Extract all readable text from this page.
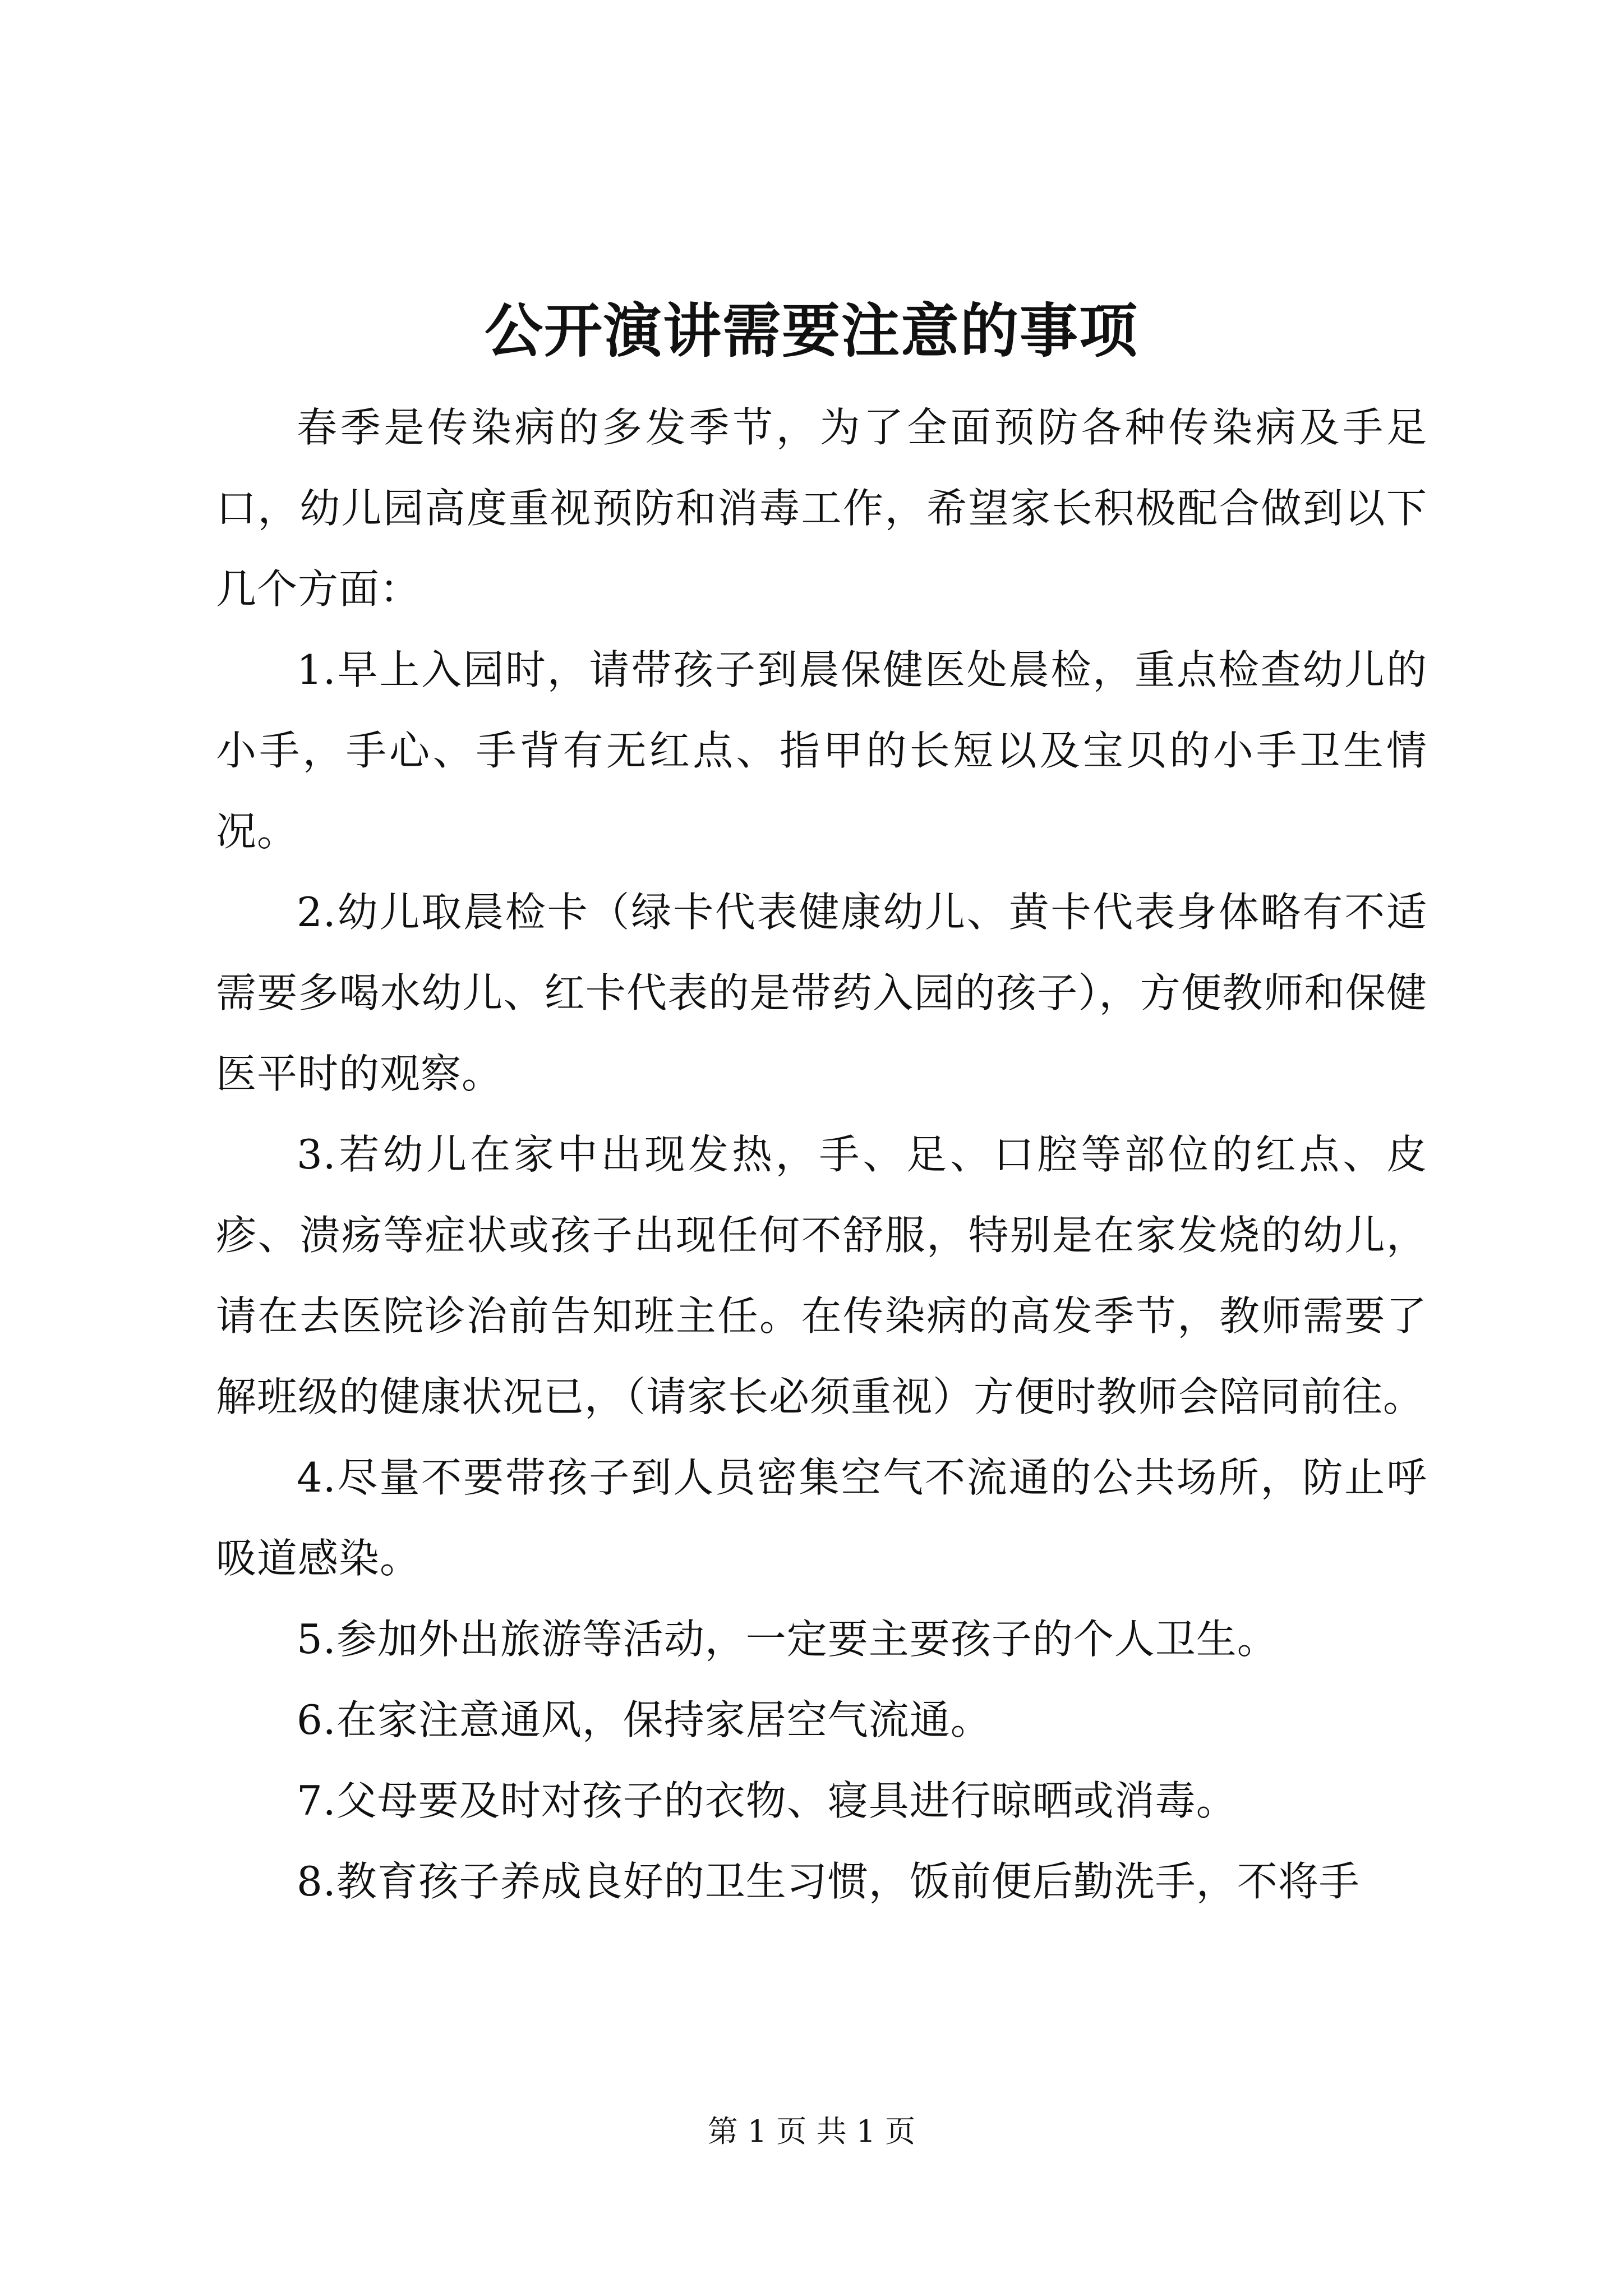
公开演讲需要注意的事项

春季是传染病的多发季节，为了全面预防各种传染病及手足口，幼儿园高度重视预防和消毒工作，希望家长积极配合做到以下几个方面：

1.早上入园时，请带孩子到晨保健医处晨检，重点检查幼儿的小手，手心、手背有无红点、指甲的长短以及宝贝的小手卫生情况。

2.幼儿取晨检卡（绿卡代表健康幼儿、黄卡代表身体略有不适需要多喝水幼儿、红卡代表的是带药入园的孩子），方便教师和保健医平时的观察。

3.若幼儿在家中出现发热，手、足、口腔等部位的红点、皮疹、溃疡等症状或孩子出现任何不舒服，特别是在家发烧的幼儿，请在去医院诊治前告知班主任。在传染病的高发季节，教师需要了解班级的健康状况已，（请家长必须重视）方便时教师会陪同前往。

4.尽量不要带孩子到人员密集空气不流通的公共场所，防止呼吸道感染。

5.参加外出旅游等活动，一定要主要孩子的个人卫生。

6.在家注意通风，保持家居空气流通。

7.父母要及时对孩子的衣物、寝具进行晾晒或消毒。

8.教育孩子养成良好的卫生习惯，饭前便后勤洗手，不将手

第 1 页 共 1 页
